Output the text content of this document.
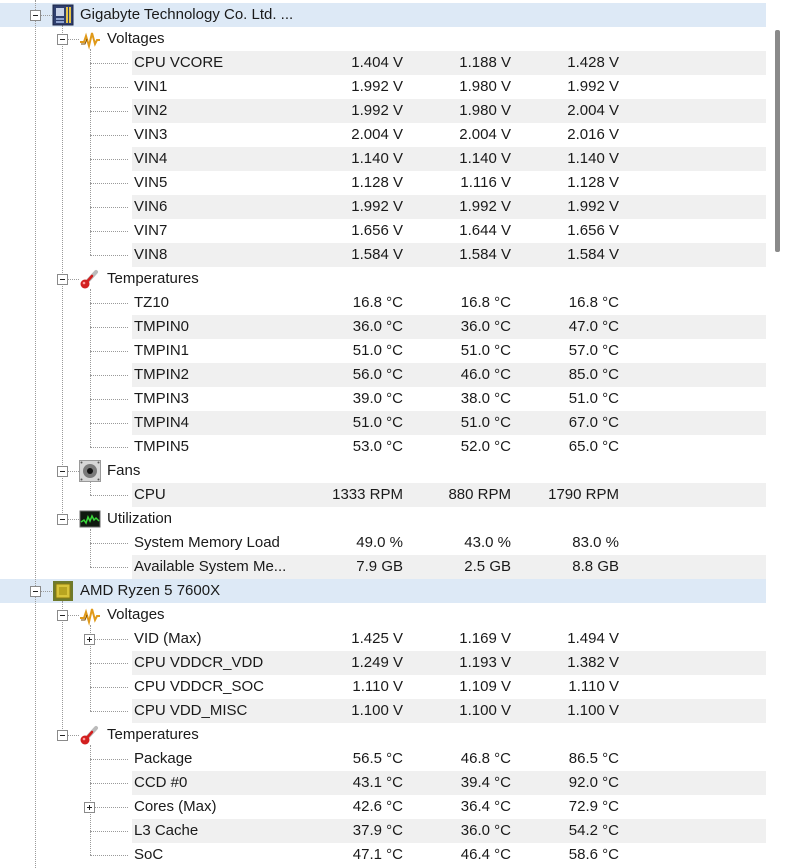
Gigabyte Technology Co. Ltd. ...
Voltages
CPU VCORE	1.404 V	1.188 V	1.428 V
VIN1	1.992 V	1.980 V	1.992 V
VIN2	1.992 V	1.980 V	2.004 V
VIN3	2.004 V	2.004 V	2.016 V
VIN4	1.140 V	1.140 V	1.140 V
VIN5	1.128 V	1.116 V	1.128 V
VIN6	1.992 V	1.992 V	1.992 V
VIN7	1.656 V	1.644 V	1.656 V
VIN8	1.584 V	1.584 V	1.584 V
Temperatures
TZ10	16.8 °C	16.8 °C	16.8 °C
TMPIN0	36.0 °C	36.0 °C	47.0 °C
TMPIN1	51.0 °C	51.0 °C	57.0 °C
TMPIN2	56.0 °C	46.0 °C	85.0 °C
TMPIN3	39.0 °C	38.0 °C	51.0 °C
TMPIN4	51.0 °C	51.0 °C	67.0 °C
TMPIN5	53.0 °C	52.0 °C	65.0 °C
Fans
CPU	1333 RPM	880 RPM	1790 RPM
Utilization
System Memory Load	49.0 %	43.0 %	83.0 %
Available System Me...	7.9 GB	2.5 GB	8.8 GB
AMD Ryzen 5 7600X
Voltages
VID (Max)	1.425 V	1.169 V	1.494 V
CPU VDDCR_VDD	1.249 V	1.193 V	1.382 V
CPU VDDCR_SOC	1.110 V	1.109 V	1.110 V
CPU VDD_MISC	1.100 V	1.100 V	1.100 V
Temperatures
Package	56.5 °C	46.8 °C	86.5 °C
CCD #0	43.1 °C	39.4 °C	92.0 °C
Cores (Max)	42.6 °C	36.4 °C	72.9 °C
L3 Cache	37.9 °C	36.0 °C	54.2 °C
SoC	47.1 °C	46.4 °C	58.6 °C
